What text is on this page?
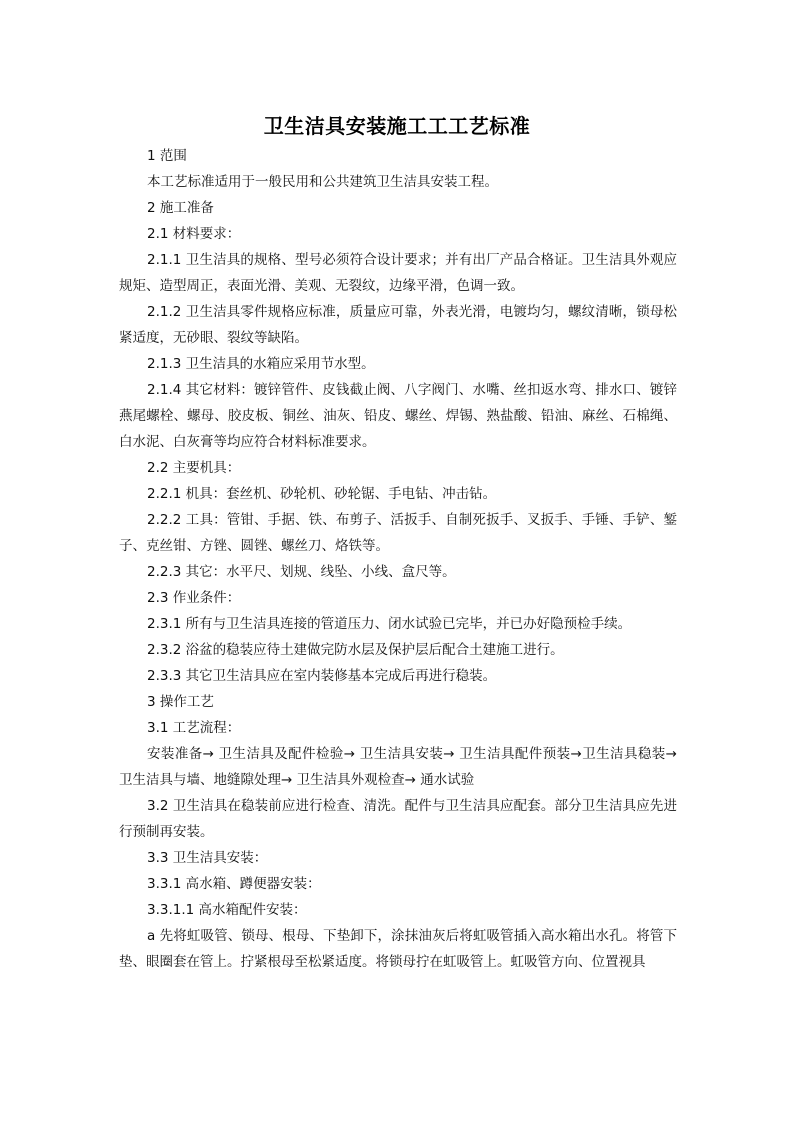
卫生洁具安装施工工工艺标准

1 范围

本工艺标准适用于一般民用和公共建筑卫生洁具安装工程。

2 施工准备

2.1 材料要求：

2.1.1 卫生洁具的规格、型号必须符合设计要求；并有出厂产品合格证。卫生洁具外观应规矩、造型周正，表面光滑、美观、无裂纹，边缘平滑，色调一致。

2.1.2 卫生洁具零件规格应标准，质量应可靠，外表光滑，电镀均匀，螺纹清晰，锁母松紧适度，无砂眼、裂纹等缺陷。

2.1.3 卫生洁具的水箱应采用节水型。

2.1.4 其它材料：镀锌管件、皮钱截止阀、八字阀门、水嘴、丝扣返水弯、排水口、镀锌燕尾螺栓、螺母、胶皮板、铜丝、油灰、铅皮、螺丝、焊锡、熟盐酸、铅油、麻丝、石棉绳、白水泥、白灰膏等均应符合材料标准要求。

2.2 主要机具：

2.2.1 机具：套丝机、砂轮机、砂轮锯、手电钻、冲击钻。

2.2.2 工具：管钳、手据、铁、布剪子、活扳手、自制死扳手、叉扳手、手锤、手铲、錾子、克丝钳、方锉、圆锉、螺丝刀、烙铁等。

2.2.3 其它：水平尺、划规、线坠、小线、盒尺等。

2.3 作业条件：

2.3.1 所有与卫生洁具连接的管道压力、闭水试验已完毕，并已办好隐预检手续。

2.3.2 浴盆的稳装应待土建做完防水层及保护层后配合土建施工进行。

2.3.3 其它卫生洁具应在室内装修基本完成后再进行稳装。

3 操作工艺

3.1 工艺流程：

安装准备→ 卫生洁具及配件检验→ 卫生洁具安装→ 卫生洁具配件预装→卫生洁具稳装→ 卫生洁具与墙、地缝隙处理→ 卫生洁具外观检查→ 通水试验

3.2 卫生洁具在稳装前应进行检查、清洗。配件与卫生洁具应配套。部分卫生洁具应先进行预制再安装。

3.3 卫生洁具安装：

3.3.1 高水箱、蹲便器安装：

3.3.1.1 高水箱配件安装：

a 先将虹吸管、锁母、根母、下垫卸下，涂抹油灰后将虹吸管插入高水箱出水孔。将管下垫、眼圈套在管上。拧紧根母至松紧适度。将锁母拧在虹吸管上。虹吸管方向、位置视具
